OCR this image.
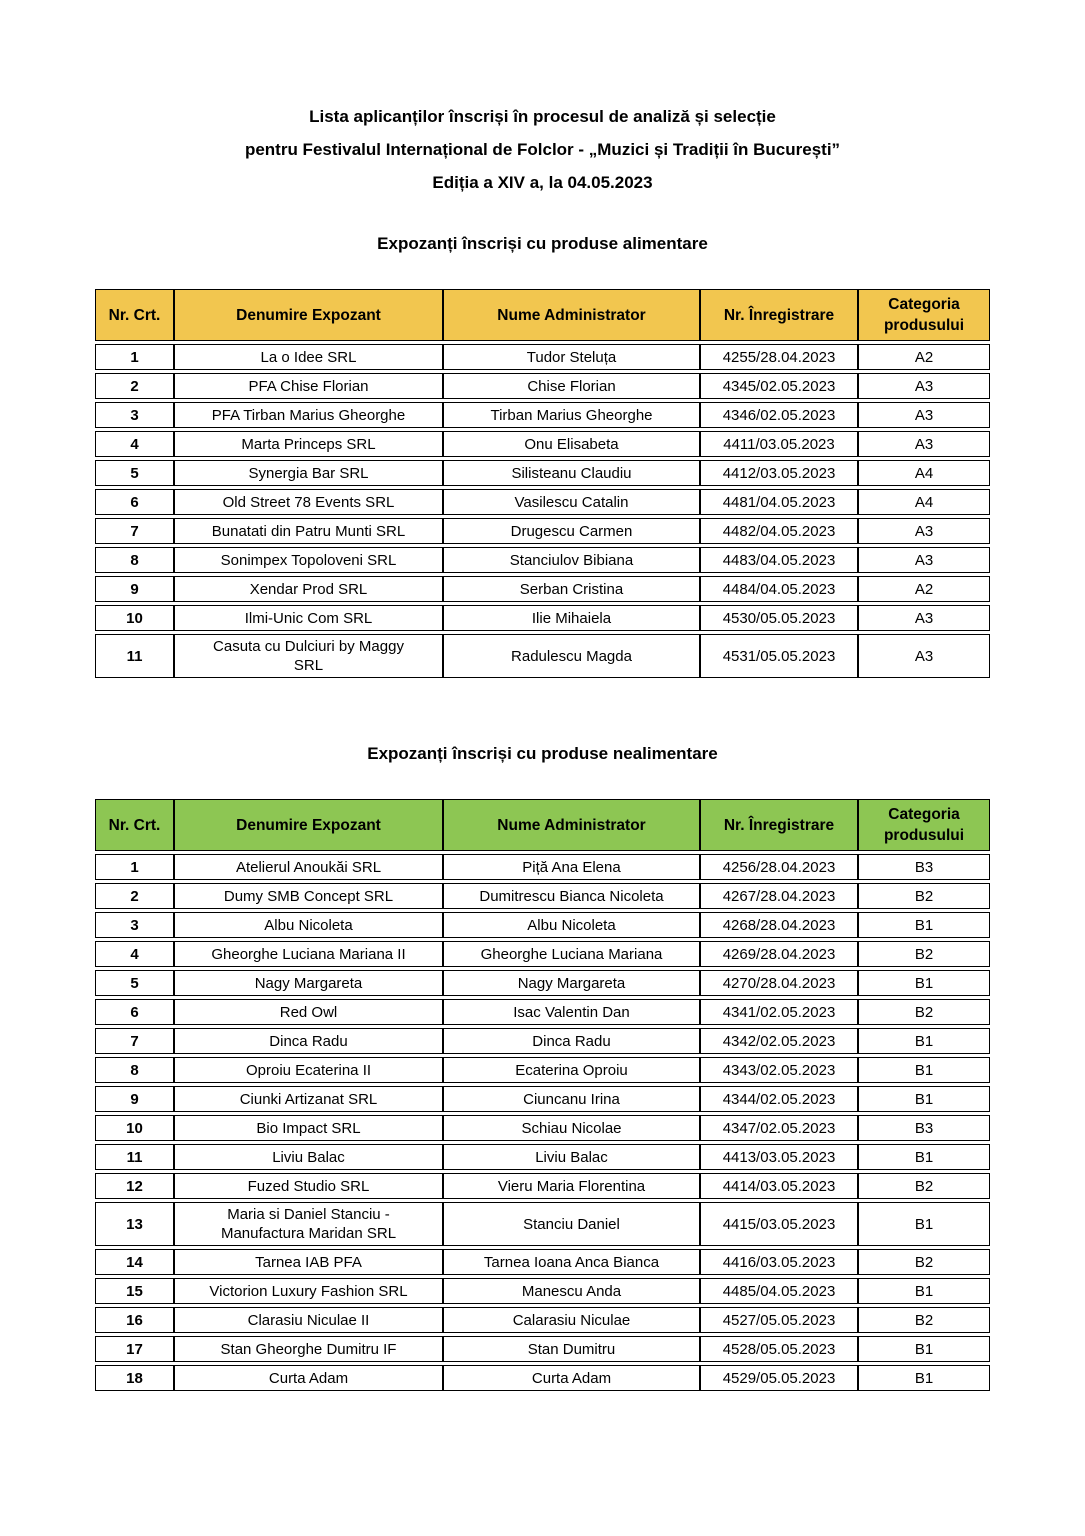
Lista aplicanților înscriși în procesul de analiză și selecție
pentru Festivalul Internațional de Folclor - „Muzici și Tradiții în București”
Ediția a XIV a, la 04.05.2023
Expozanți înscriși cu produse alimentare
Nr. Crt.	Denumire Expozant	Nume Administrator	Nr. Înregistrare	Categoria produsului
1	La o Idee SRL	Tudor Steluța	4255/28.04.2023	A2
2	PFA Chise Florian	Chise Florian	4345/02.05.2023	A3
3	PFA Tirban Marius Gheorghe	Tirban Marius Gheorghe	4346/02.05.2023	A3
4	Marta Princeps SRL	Onu Elisabeta	4411/03.05.2023	A3
5	Synergia Bar SRL	Silisteanu Claudiu	4412/03.05.2023	A4
6	Old Street 78 Events SRL	Vasilescu Catalin	4481/04.05.2023	A4
7	Bunatati din Patru Munti SRL	Drugescu Carmen	4482/04.05.2023	A3
8	Sonimpex Topoloveni SRL	Stanciulov Bibiana	4483/04.05.2023	A3
9	Xendar Prod SRL	Serban Cristina	4484/04.05.2023	A2
10	Ilmi-Unic Com SRL	Ilie Mihaiela	4530/05.05.2023	A3
11	Casuta cu Dulciuri by Maggy SRL	Radulescu Magda	4531/05.05.2023	A3
Expozanți înscriși cu produse nealimentare
Nr. Crt.	Denumire Expozant	Nume Administrator	Nr. Înregistrare	Categoria produsului
1	Atelierul Anoukăi SRL	Piță Ana Elena	4256/28.04.2023	B3
2	Dumy SMB Concept SRL	Dumitrescu Bianca Nicoleta	4267/28.04.2023	B2
3	Albu Nicoleta	Albu Nicoleta	4268/28.04.2023	B1
4	Gheorghe Luciana Mariana II	Gheorghe Luciana Mariana	4269/28.04.2023	B2
5	Nagy Margareta	Nagy Margareta	4270/28.04.2023	B1
6	Red Owl	Isac Valentin Dan	4341/02.05.2023	B2
7	Dinca Radu	Dinca Radu	4342/02.05.2023	B1
8	Oproiu Ecaterina II	Ecaterina Oproiu	4343/02.05.2023	B1
9	Ciunki Artizanat SRL	Ciuncanu Irina	4344/02.05.2023	B1
10	Bio Impact SRL	Schiau Nicolae	4347/02.05.2023	B3
11	Liviu Balac	Liviu Balac	4413/03.05.2023	B1
12	Fuzed Studio SRL	Vieru Maria Florentina	4414/03.05.2023	B2
13	Maria si Daniel Stanciu - Manufactura Maridan SRL	Stanciu Daniel	4415/03.05.2023	B1
14	Tarnea IAB PFA	Tarnea Ioana Anca Bianca	4416/03.05.2023	B2
15	Victorion Luxury Fashion SRL	Manescu Anda	4485/04.05.2023	B1
16	Clarasiu Niculae II	Calarasiu Niculae	4527/05.05.2023	B2
17	Stan Gheorghe Dumitru IF	Stan Dumitru	4528/05.05.2023	B1
18	Curta Adam	Curta Adam	4529/05.05.2023	B1
